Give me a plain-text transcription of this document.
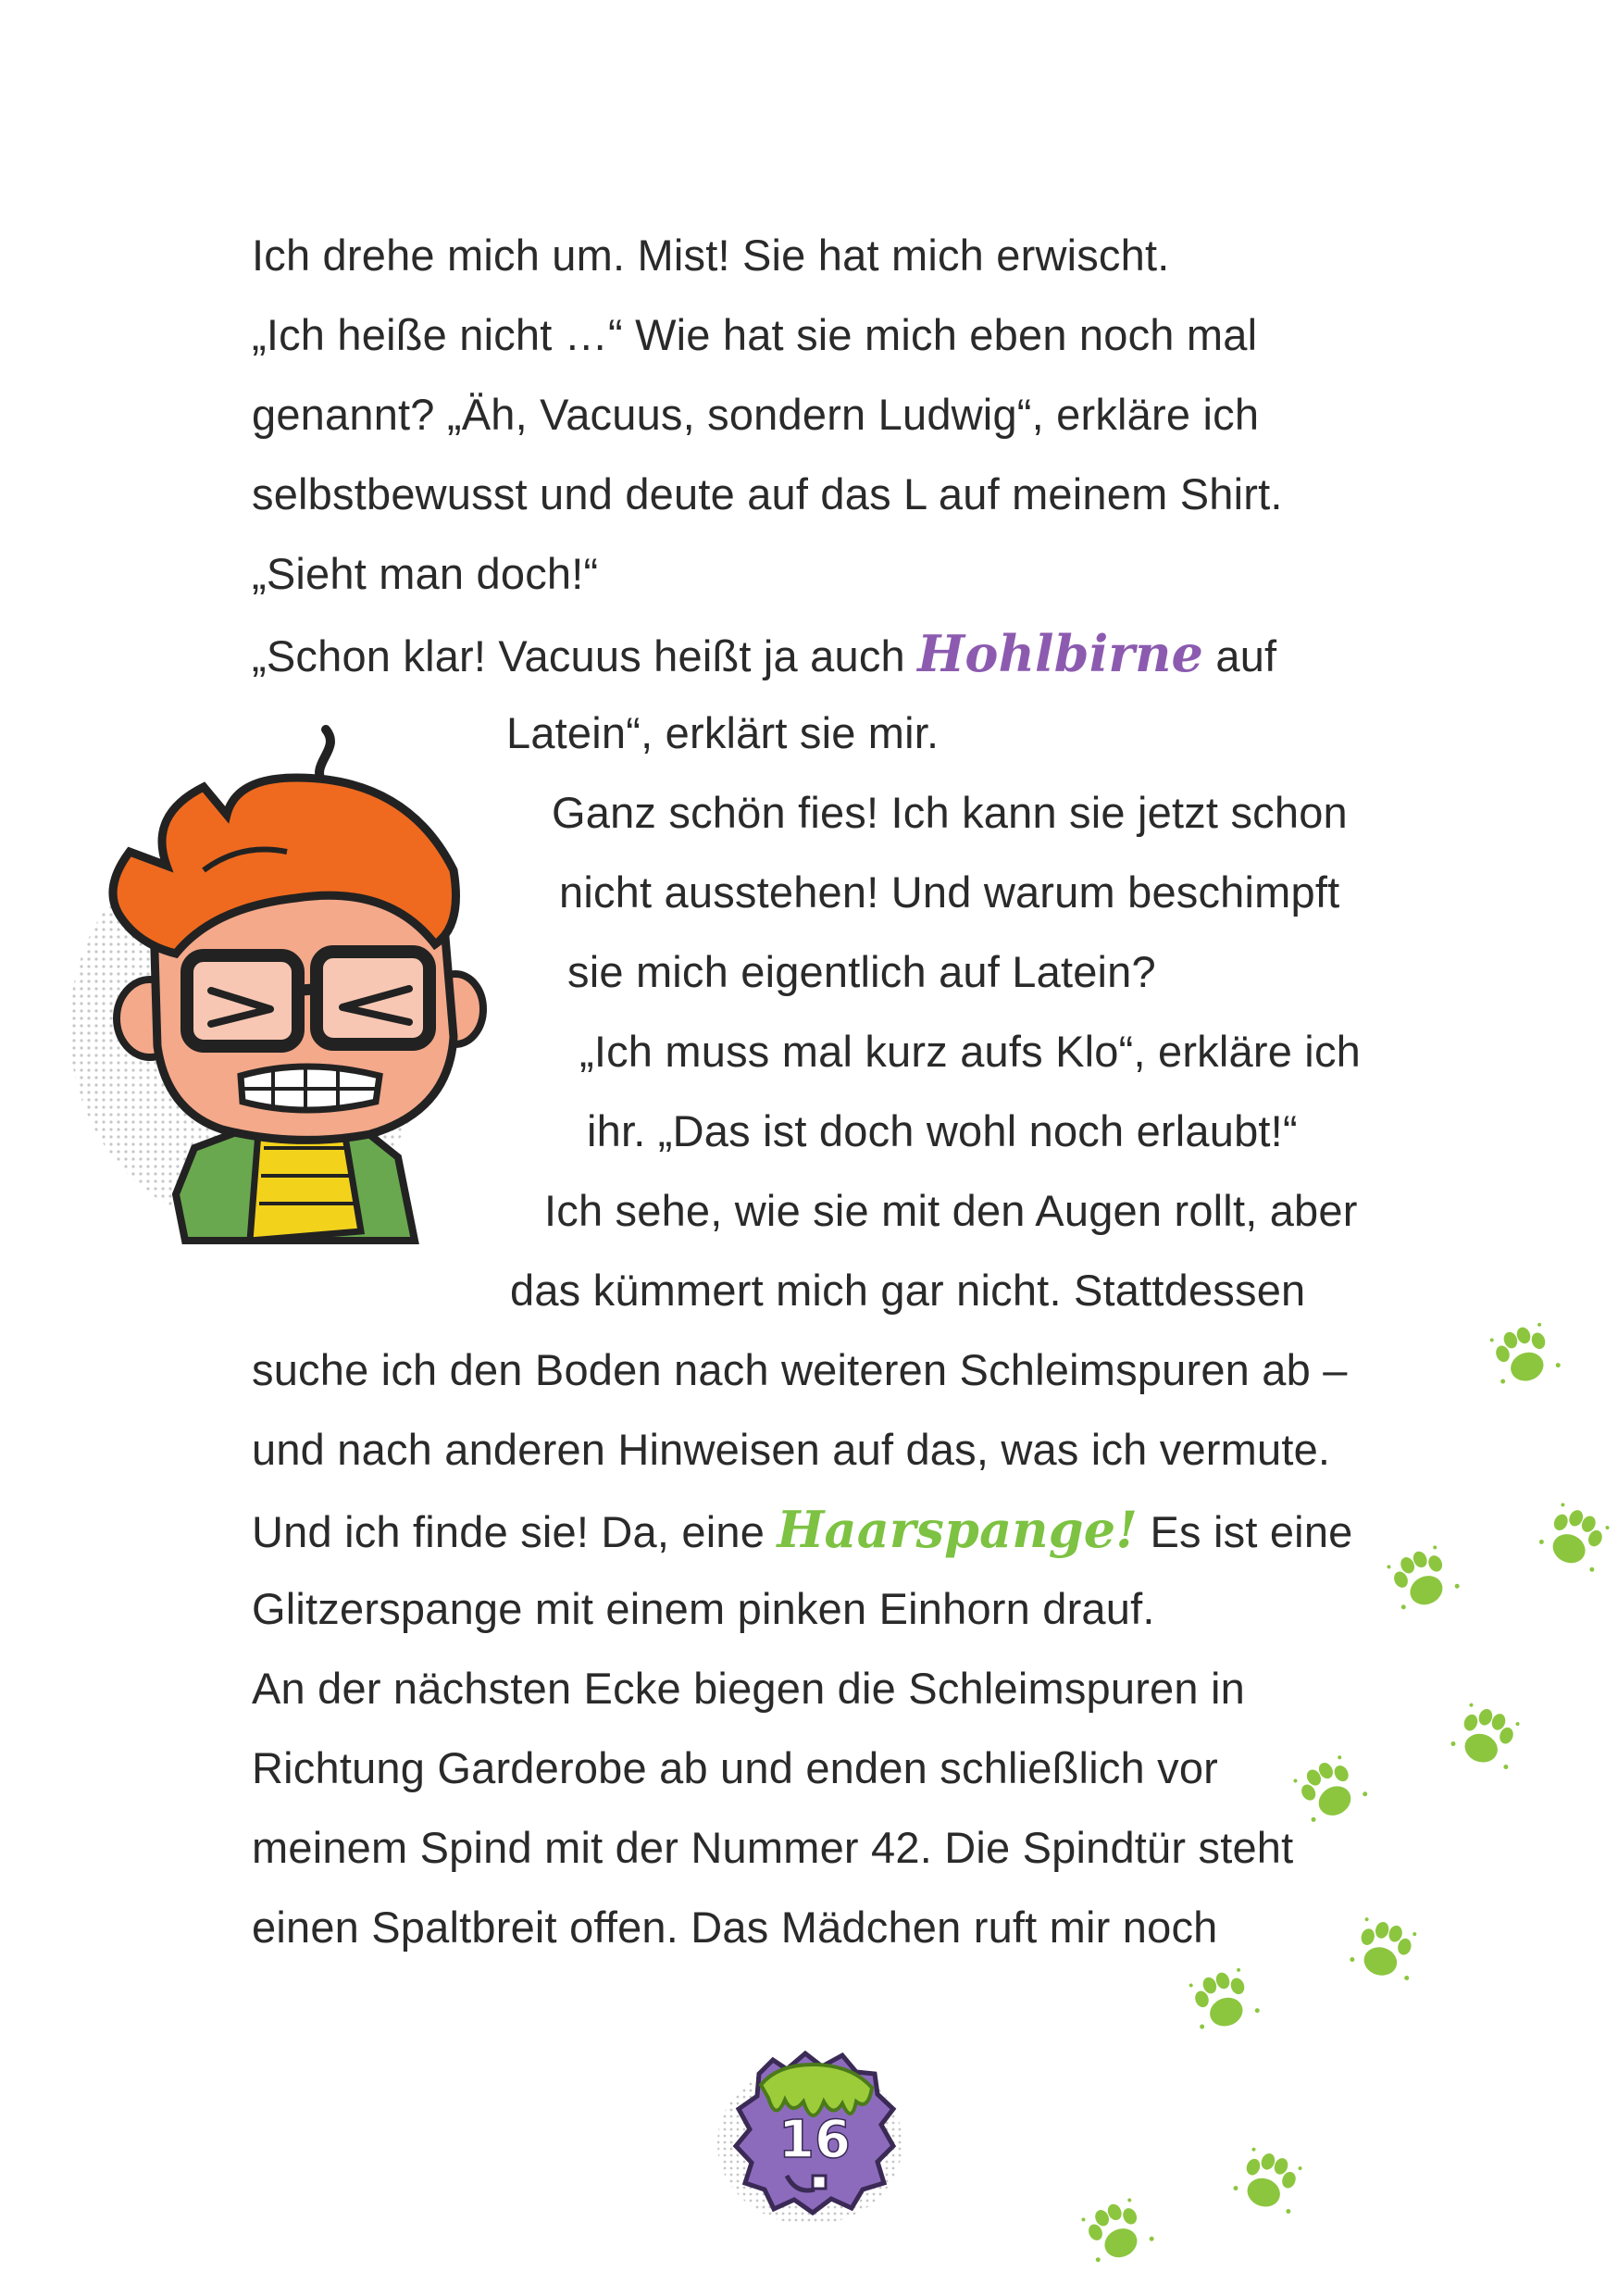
Ich drehe mich um. Mist! Sie hat mich erwischt.
„Ich heiße nicht …“ Wie hat sie mich eben noch mal
genannt? „Äh, Vacuus, sondern Ludwig“, erkläre ich
selbstbewusst und deute auf das L auf meinem Shirt.
„Sieht man doch!“
„Schon klar! Vacuus heißt ja auch Hohlbirne auf
Latein“, erklärt sie mir.
Ganz schön fies! Ich kann sie jetzt schon
nicht ausstehen! Und warum beschimpft
sie mich eigentlich auf Latein?
„Ich muss mal kurz aufs Klo“, erkläre ich
ihr. „Das ist doch wohl noch erlaubt!“
Ich sehe, wie sie mit den Augen rollt, aber
das kümmert mich gar nicht. Stattdessen
suche ich den Boden nach weiteren Schleimspuren ab –
und nach anderen Hinweisen auf das, was ich vermute.
Und ich finde sie! Da, eine Haarspange! Es ist eine
Glitzerspange mit einem pinken Einhorn drauf.
An der nächsten Ecke biegen die Schleimspuren in
Richtung Garderobe ab und enden schließlich vor
meinem Spind mit der Nummer 42. Die Spindtür steht
einen Spaltbreit offen. Das Mädchen ruft mir noch
16
